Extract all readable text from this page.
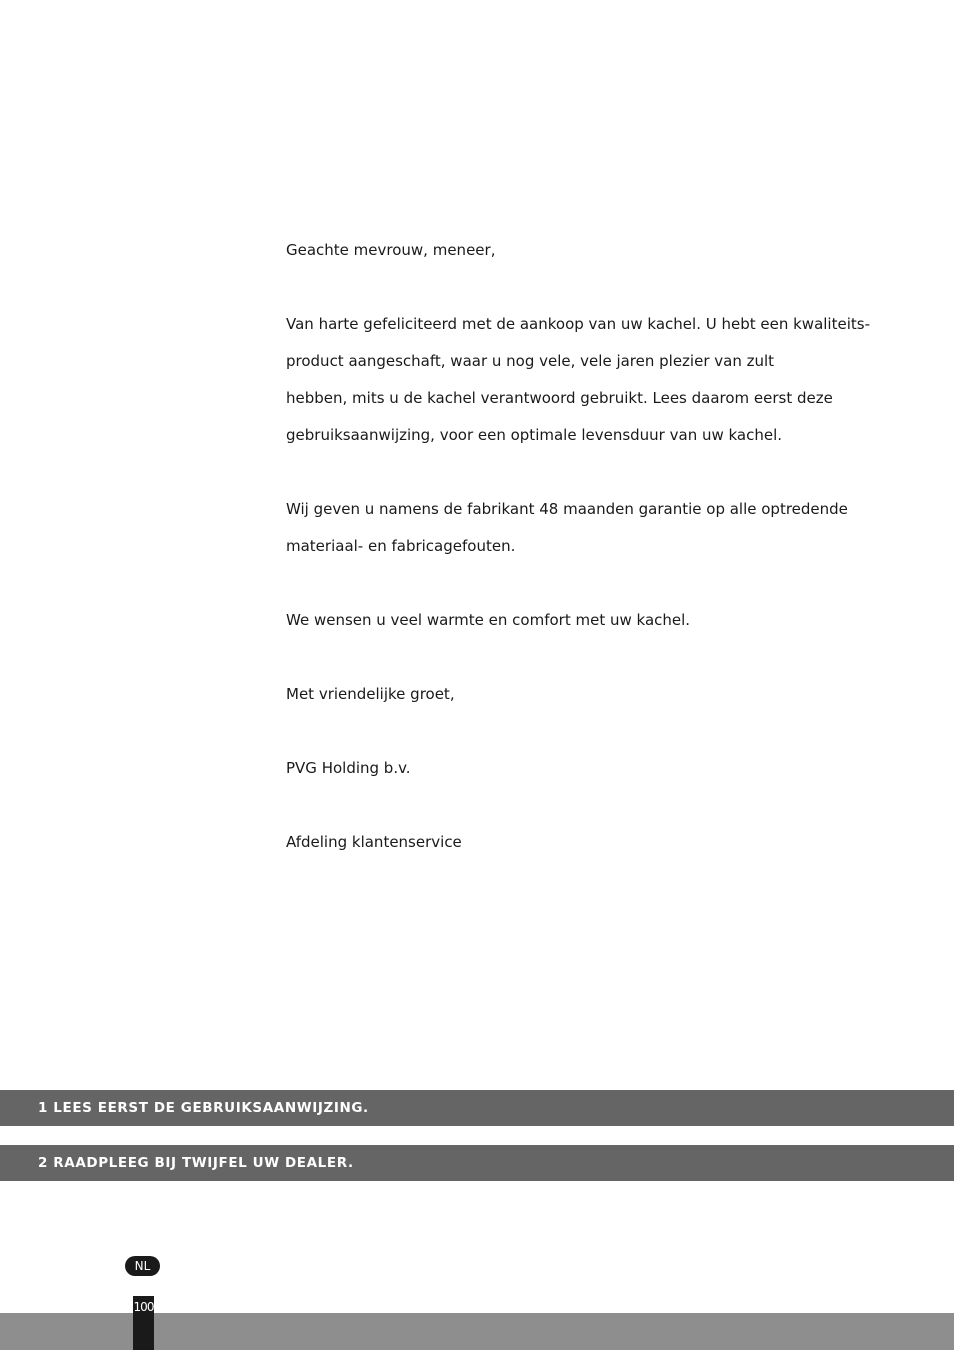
Geachte mevrouw, meneer,

Van harte gefeliciteerd met de aankoop van uw kachel. U hebt een kwaliteits-

product aangeschaft, waar u nog vele, vele jaren plezier van zult

hebben, mits u de kachel verantwoord gebruikt. Lees daarom eerst deze

gebruiksaanwijzing, voor een optimale levensduur van uw kachel.

Wij geven u namens de fabrikant 48 maanden garantie op alle optredende

materiaal- en fabricagefouten.

We wensen u veel warmte en comfort met uw kachel.

Met vriendelijke groet,

PVG Holding b.v.

Afdeling klantenservice

1 LEES EERST DE GEBRUIKSAANWIJZING.
2 RAADPLEEG BIJ TWIJFEL UW DEALER.
NL
100
